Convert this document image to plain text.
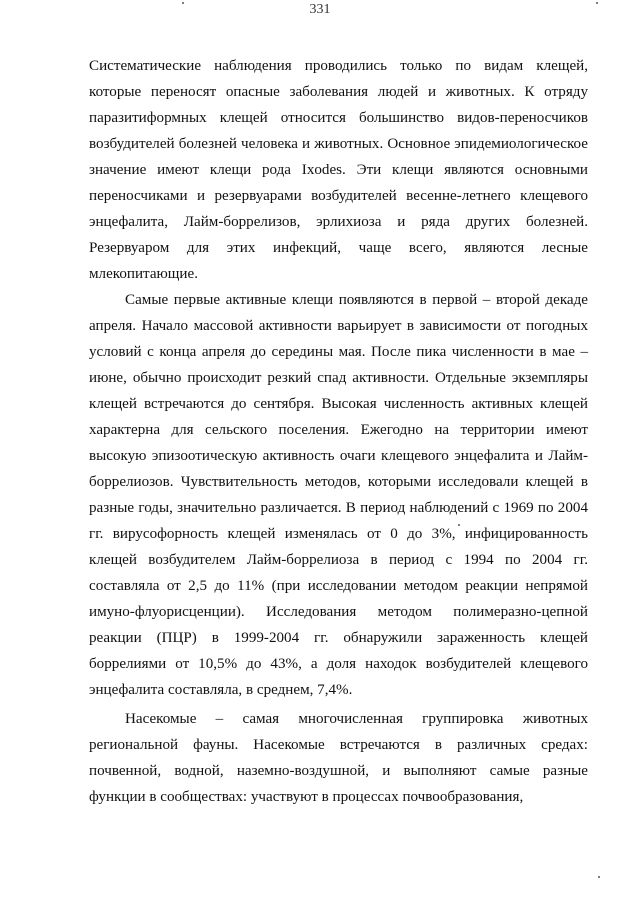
331

Систематические наблюдения проводились только по видам клещей, которые переносят опасные заболевания людей и животных. К отряду паразитиформных клещей относится большинство видов-переносчиков возбудителей болезней человека и животных. Основное эпидемиологическое значение имеют клещи рода Ixodes. Эти клещи являются основными переносчиками и резервуарами возбудителей весенне-летнего клещевого энцефалита, Лайм-боррелизов, эрлихиоза и ряда других болезней. Резервуаром для этих инфекций, чаще всего, являются лесные млекопитающие.

Самые первые активные клещи появляются в первой – второй декаде апреля. Начало массовой активности варьирует в зависимости от погодных условий с конца апреля до середины мая. После пика численности в мае – июне, обычно происходит резкий спад активности. Отдельные экземпляры клещей встречаются до сентября. Высокая численность активных клещей характерна для сельского поселения. Ежегодно на территории имеют высокую эпизоотическую активность очаги клещевого энцефалита и Лайм-боррелиозов. Чувствительность методов, которыми исследовали клещей в разные годы, значительно различается. В период наблюдений с 1969 по 2004 гг. вирусофорность клещей изменялась от 0 до 3%, инфицированность клещей возбудителем Лайм-боррелиоза в период с 1994 по 2004 гг. составляла от 2,5 до 11% (при исследовании методом реакции непрямой имуно-флуорисценции). Исследования методом полимеразно-цепной реакции (ПЦР) в 1999-2004 гг. обнаружили зараженность клещей боррелиями от 10,5% до 43%, а доля находок возбудителей клещевого энцефалита составляла, в среднем, 7,4%.

Насекомые – самая многочисленная группировка животных региональной фауны. Насекомые встречаются в различных средах: почвенной, водной, наземно-воздушной, и выполняют самые разные функции в сообществах: участвуют в процессах почвообразования,
